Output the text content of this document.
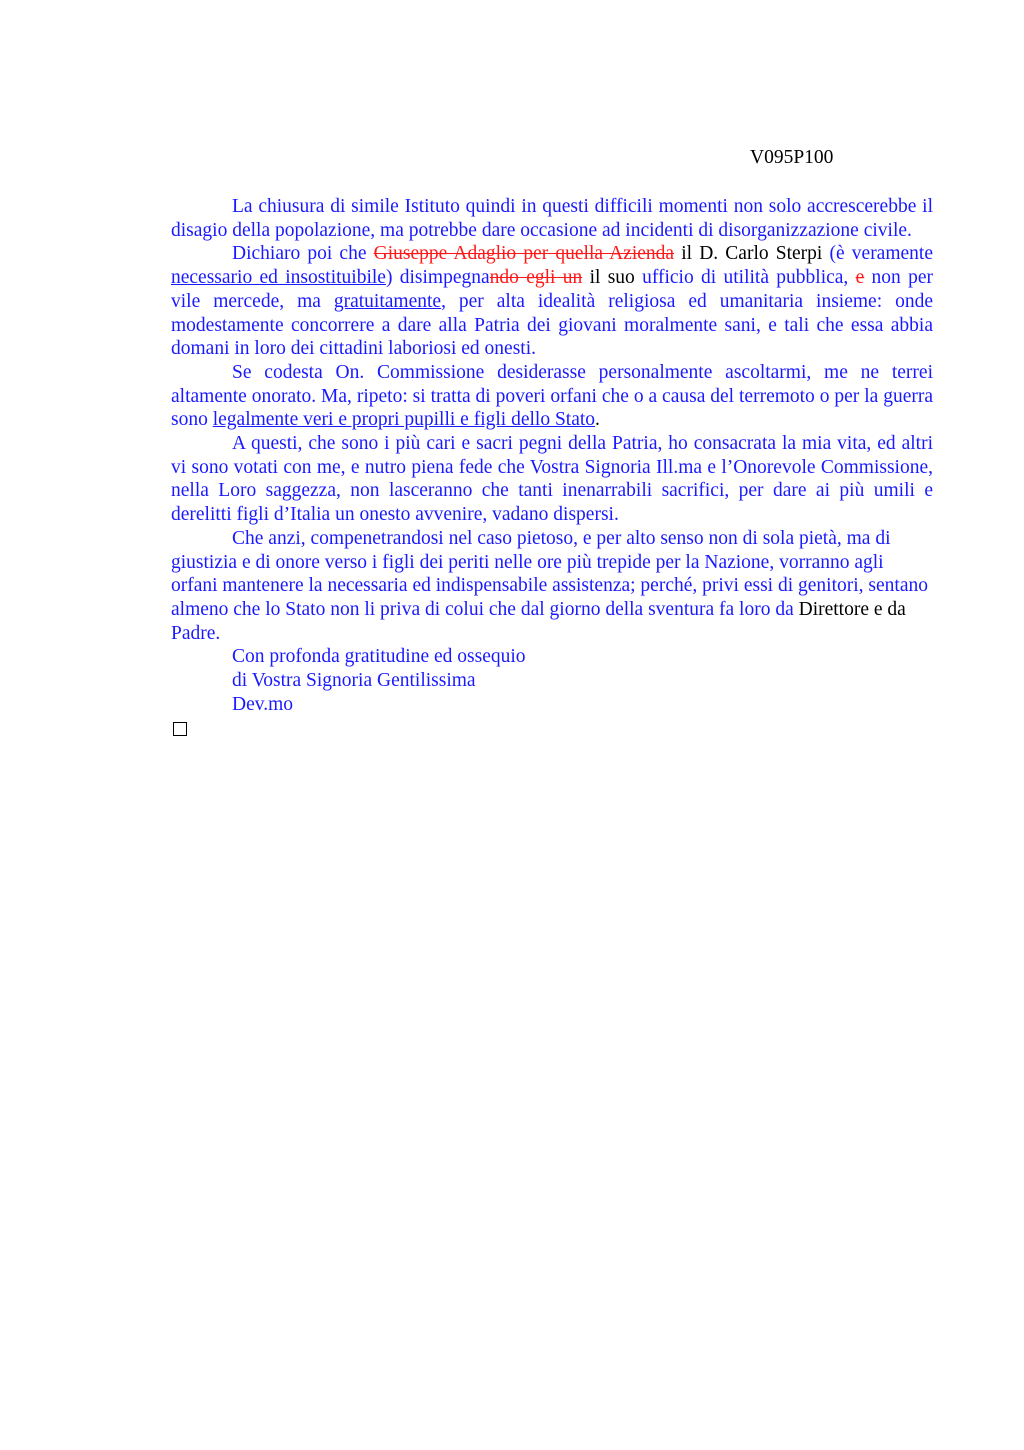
V095P100

La chiusura di simile Istituto quindi in questi difficili momenti non solo accrescerebbe il disagio della popolazione, ma potrebbe dare occasione ad incidenti di disorganizzazione civile.

Dichiaro poi che Giuseppe Adaglio per quella Azienda il D. Carlo Sterpi (è veramente necessario ed insostituibile) disimpegnando egli un il suo ufficio di utilità pubblica, e non per vile mercede, ma gratuitamente, per alta idealità religiosa ed umanitaria insieme: onde modestamente concorrere a dare alla Patria dei giovani moralmente sani, e tali che essa abbia domani in loro dei cittadini laboriosi ed onesti.

Se codesta On. Commissione desiderasse personalmente ascoltarmi, me ne terrei altamente onorato. Ma, ripeto: si tratta di poveri orfani che o a causa del terremoto o per la guerra sono legalmente veri e propri pupilli e figli dello Stato.

A questi, che sono i più cari e sacri pegni della Patria, ho consacrata la mia vita, ed altri vi sono votati con me, e nutro piena fede che Vostra Signoria Ill.ma e l’Onorevole Commissione, nella Loro saggezza, non lasceranno che tanti inenarrabili sacrifici, per dare ai più umili e derelitti figli d’Italia un onesto avvenire, vadano dispersi.

Che anzi, compenetrandosi nel caso pietoso, e per alto senso non di sola pietà, ma di giustizia e di onore verso i figli dei periti nelle ore più trepide per la Nazione, vorranno agli orfani mantenere la necessaria ed indispensabile assistenza; perché, privi essi di genitori, sentano almeno che lo Stato non li priva di colui che dal giorno della sventura fa loro da Direttore e da Padre.

Con profonda gratitudine ed ossequio

di Vostra Signoria Gentilissima

Dev.mo
